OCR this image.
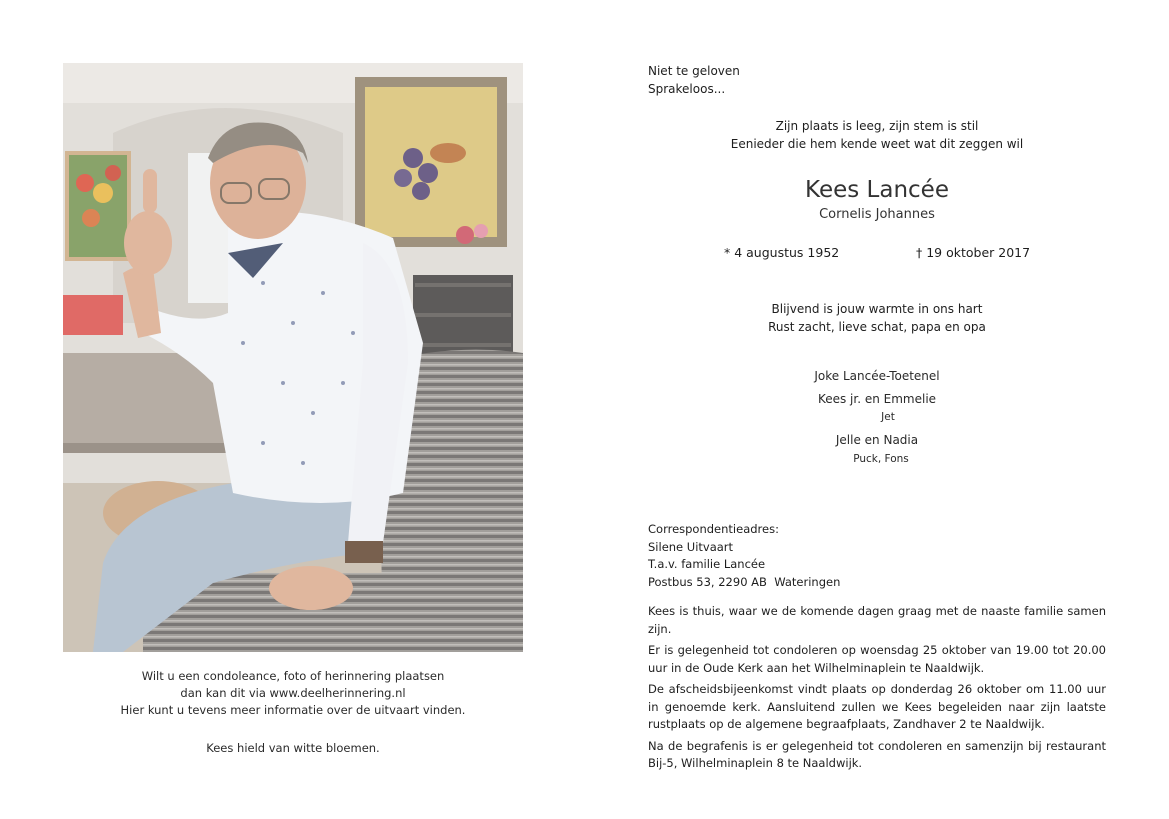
Wilt u een condoleance, foto of herinnering plaatsen
dan kan dit via www.deelherinnering.nl
Hier kunt u tevens meer informatie over de uitvaart vinden.
Kees hield van witte bloemen.
Niet te geloven
Sprakeloos...
Zijn plaats is leeg, zijn stem is stil
Eenieder die hem kende weet wat dit zeggen wil
Kees Lancée
Cornelis Johannes
* 4 augustus 1952	† 19 oktober 2017
Blijvend is jouw warmte in ons hart
Rust zacht, lieve schat, papa en opa
Joke Lancée-Toetenel
Kees jr. en Emmelie
Jet
Jelle en Nadia
Puck, Fons
Correspondentieadres:
Silene Uitvaart
T.a.v. familie Lancée
Postbus 53, 2290 AB  Wateringen

Kees is thuis, waar we de komende dagen graag met de naaste familie samen zijn.

Er is gelegenheid tot condoleren op woensdag 25 oktober van 19.00 tot 20.00 uur in de Oude Kerk aan het Wilhelminaplein te Naaldwijk.

De afscheidsbijeenkomst vindt plaats op donderdag 26 oktober om 11.00 uur in genoemde kerk. Aansluitend zullen we Kees begeleiden naar zijn laatste rustplaats op de algemene begraafplaats, Zandhaver 2 te Naaldwijk.

Na de begrafenis is er gelegenheid tot condoleren en samenzijn bij restaurant Bij-5, Wilhelminaplein 8 te Naaldwijk.
